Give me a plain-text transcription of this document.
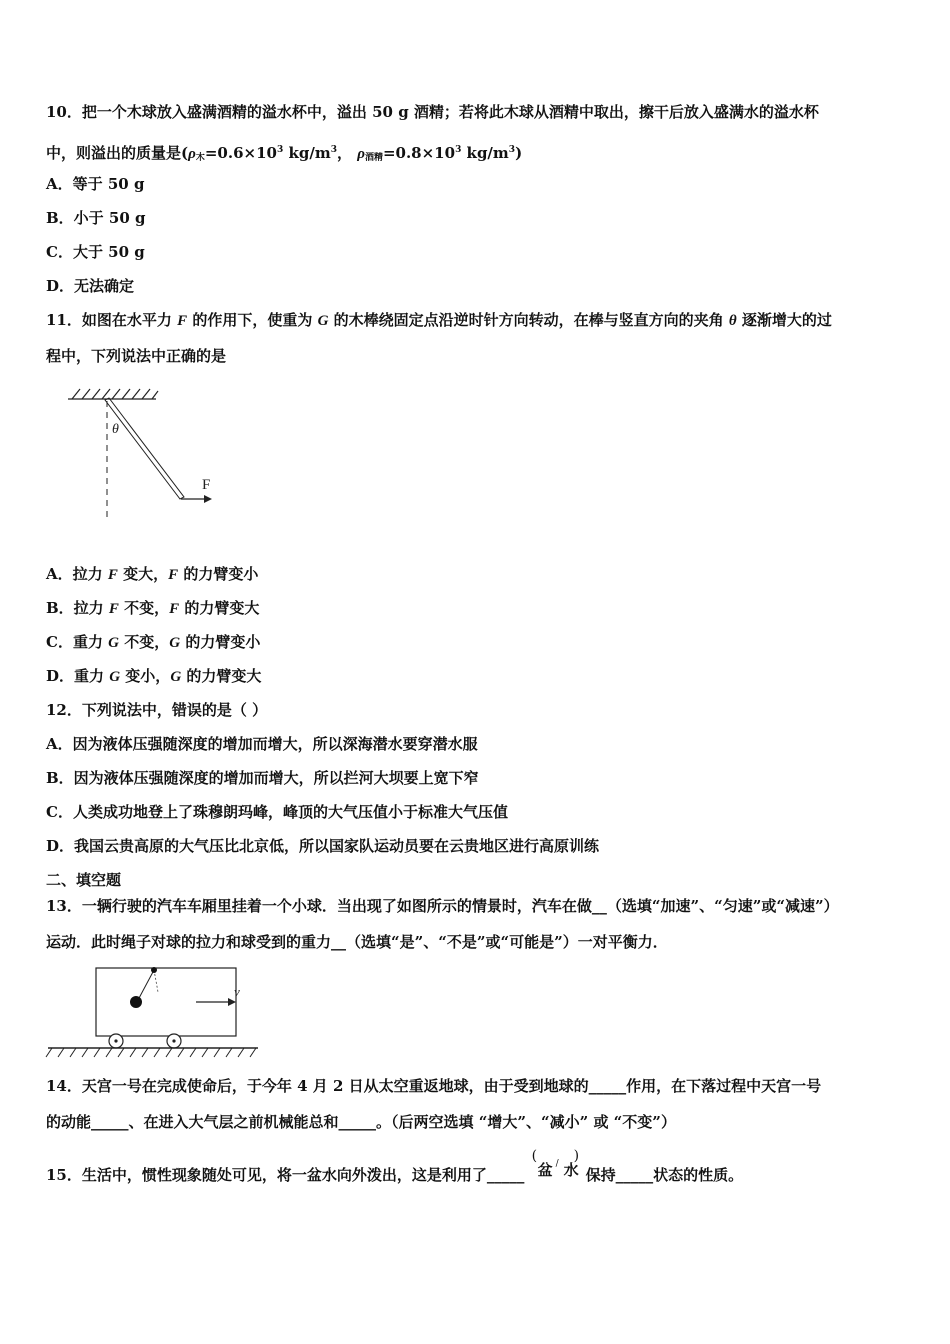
10．把一个木球放入盛满酒精的溢水杯中，溢出 50 g 酒精；若将此木球从酒精中取出，擦干后放入盛满水的溢水杯
中，则溢出的质量是($\rho_木=0.6\times 10^3$ $kg/m^3$， $\rho_{酒精}=0.8\times 10^3$ $kg/m^3$)
A．等于 50 g
B．小于 50 g
C．大于 50 g
D．无法确定
11．如图在水平力 F 的作用下，使重为 G 的木棒绕固定点沿逆时针方向转动，在棒与竖直方向的夹角 θ 逐渐增大的过
程中，下列说法中正确的是
θ
F
A．拉力 F 变大，F 的力臂变小
B．拉力 F 不变，F 的力臂变大
C．重力 G 不变，G 的力臂变小
D．重力 G 变小，G 的力臂变大
12．下列说法中，错误的是（ ）
A．因为液体压强随深度的增加而增大，所以深海潜水要穿潜水服
B．因为液体压强随深度的增加而增大，所以拦河大坝要上宽下窄
C．人类成功地登上了珠穆朗玛峰，峰顶的大气压值小于标准大气压值
D．我国云贵高原的大气压比北京低，所以国家队运动员要在云贵地区进行高原训练
二、填空题
13．一辆行驶的汽车车厢里挂着一个小球．当出现了如图所示的情景时，汽车在做__（选填“加速”、“匀速”或“减速”）
运动．此时绳子对球的拉力和球受到的重力__（选填“是”、“不是”或“可能是”）一对平衡力．
v
14．天宫一号在完成使命后，于今年 4 月 2 日从太空重返地球，由于受到地球的_____作用，在下落过程中天宫一号
的动能_____、在进入大气层之前机械能总和_____。（后两空选填 “增大”、“减小” 或 “不变”）
15．生活中，惯性现象随处可见，将一盆水向外泼出，这是利用了_____
(
盆 / 水
)
保持_____状态的性质。
